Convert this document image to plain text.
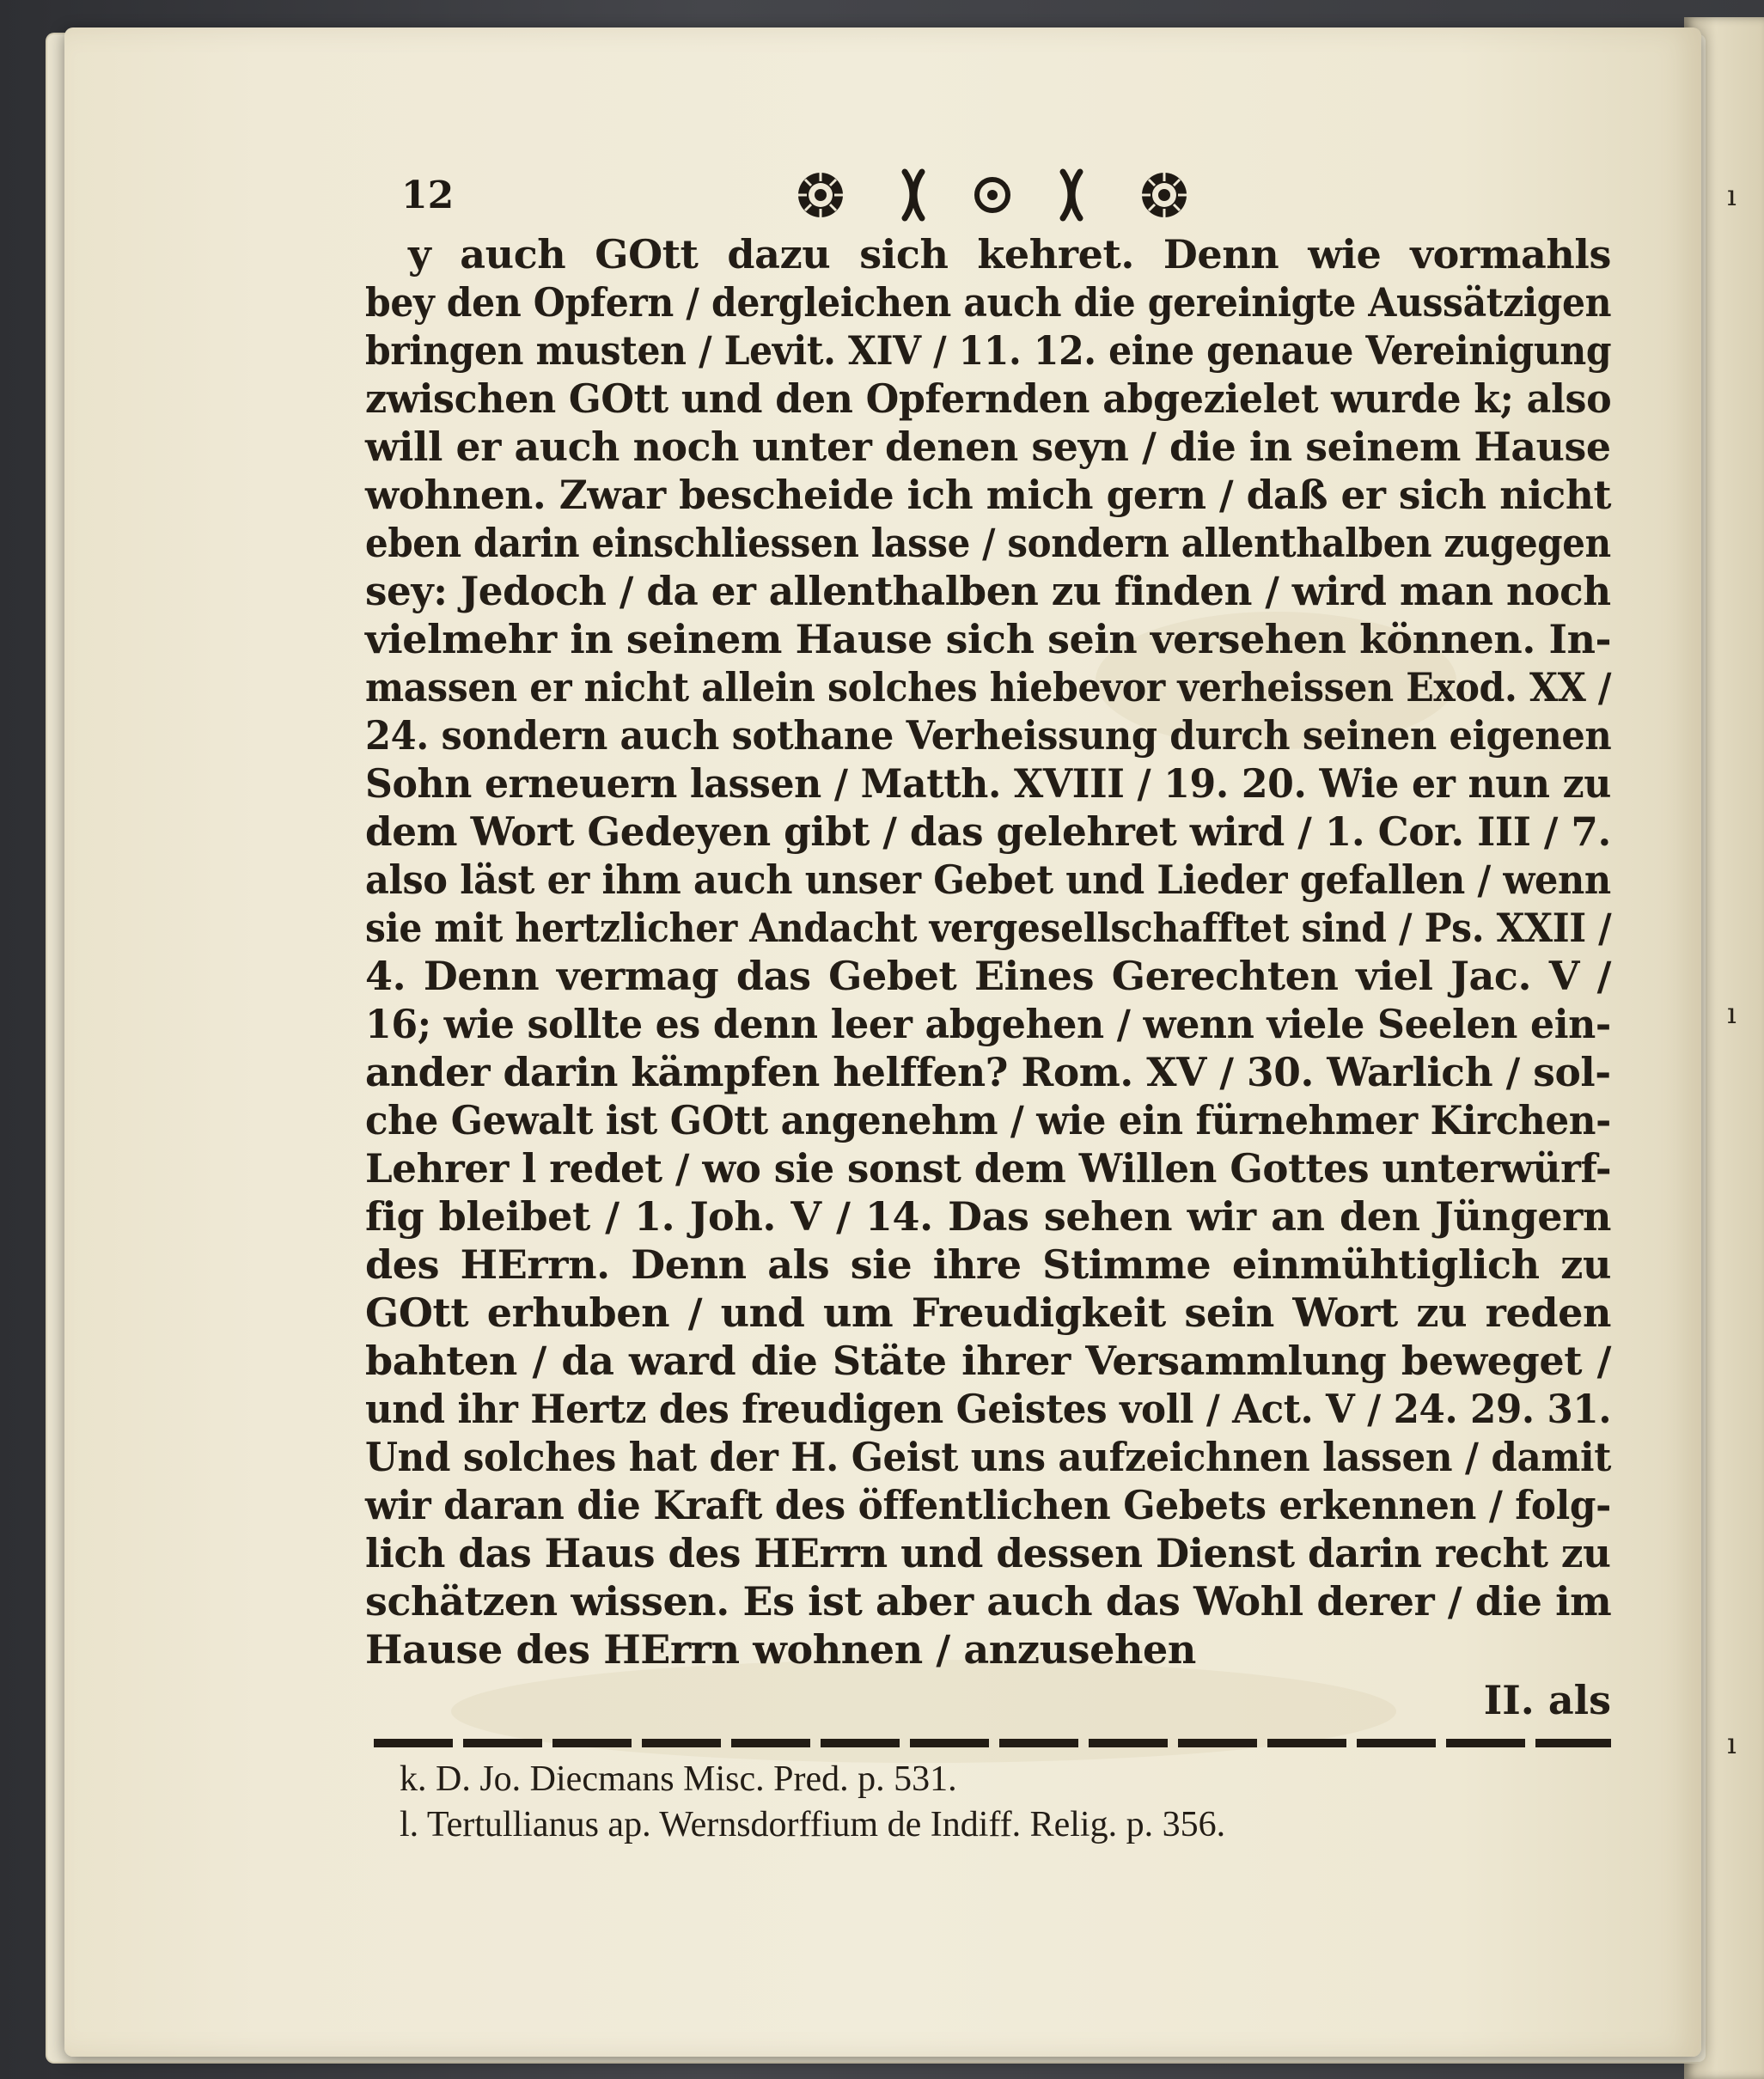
ı
ı
ı
12
y auch GOtt dazu sich kehret. Denn wie vormahls
bey den Opfern / dergleichen auch die gereinigte Aussätzigen
bringen musten / Levit. XIV / 11. 12. eine genaue Vereinigung
zwischen GOtt und den Opfernden abgezielet wurde k; also
will er auch noch unter denen seyn / die in seinem Hause
wohnen. Zwar bescheide ich mich gern / daß er sich nicht
eben darin einschliessen lasse / sondern allenthalben zugegen
sey: Jedoch / da er allenthalben zu finden / wird man noch
vielmehr in seinem Hause sich sein versehen können. In-
massen er nicht allein solches hiebevor verheissen Exod. XX /
24. sondern auch sothane Verheissung durch seinen eigenen
Sohn erneuern lassen / Matth. XVIII / 19. 20. Wie er nun zu
dem Wort Gedeyen gibt / das gelehret wird / 1. Cor. III / 7.
also läst er ihm auch unser Gebet und Lieder gefallen / wenn
sie mit hertzlicher Andacht vergesellschafftet sind / Ps. XXII /
4. Denn vermag das Gebet Eines Gerechten viel Jac. V /
16; wie sollte es denn leer abgehen / wenn viele Seelen ein-
ander darin kämpfen helffen? Rom. XV / 30. Warlich / sol-
che Gewalt ist GOtt angenehm / wie ein fürnehmer Kirchen-
Lehrer l redet / wo sie sonst dem Willen Gottes unterwürf-
fig bleibet / 1. Joh. V / 14. Das sehen wir an den Jüngern
des HErrn. Denn als sie ihre Stimme einmühtiglich zu
GOtt erhuben / und um Freudigkeit sein Wort zu reden
bahten / da ward die Stäte ihrer Versammlung beweget /
und ihr Hertz des freudigen Geistes voll / Act. V / 24. 29. 31.
Und solches hat der H. Geist uns aufzeichnen lassen / damit
wir daran die Kraft des öffentlichen Gebets erkennen / folg-
lich das Haus des HErrn und dessen Dienst darin recht zu
schätzen wissen. Es ist aber auch das Wohl derer / die im
Hause des HErrn wohnen / anzusehen
II. als
k. D. Jo. Diecmans Misc. Pred. p. 531.
l. Tertullianus ap. Wernsdorffium de Indiff. Relig. p. 356.
